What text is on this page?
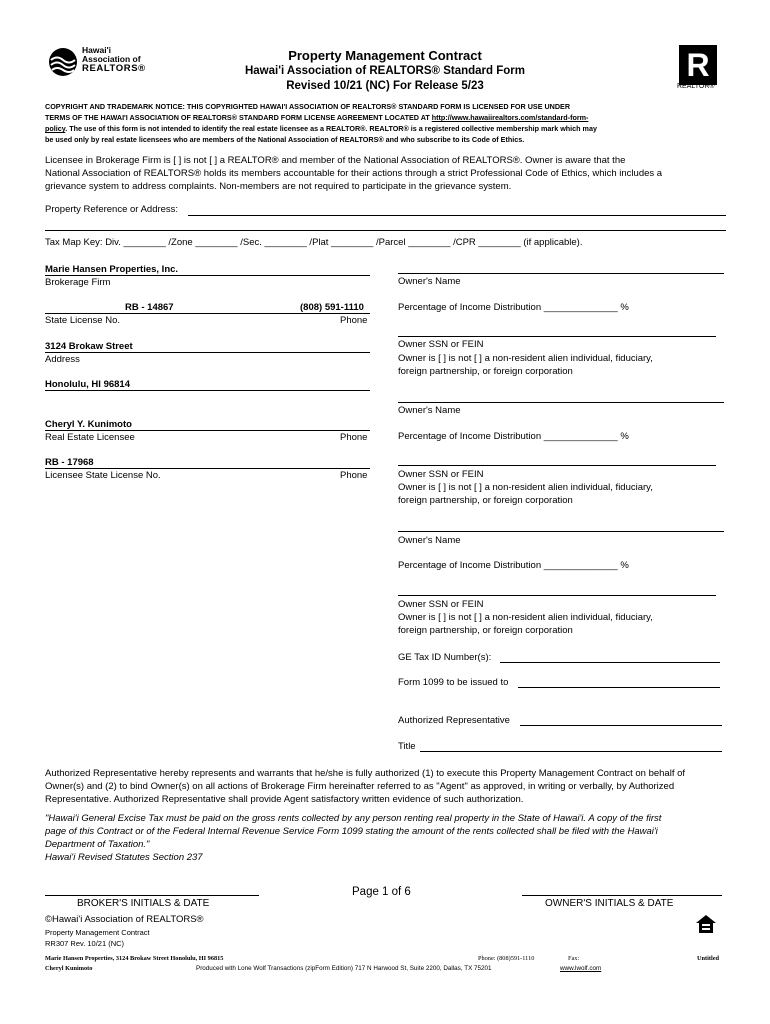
Hawai'i
Association of
REALTORS®
Property Management Contract
Hawai'i Association of REALTORS® Standard Form
Revised 10/21 (NC) For Release 5/23
R
REALTOR®
COPYRIGHT AND TRADEMARK NOTICE: THIS COPYRIGHTED HAWAI'I ASSOCIATION OF REALTORS® STANDARD FORM IS LICENSED FOR USE UNDER
TERMS OF THE HAWAI'I ASSOCIATION OF REALTORS® STANDARD FORM LICENSE AGREEMENT LOCATED AT http://www.hawaiirealtors.com/standard-form-
policy. The use of this form is not intended to identify the real estate licensee as a REALTOR®. REALTOR® is a registered collective membership mark which may
be used only by real estate licensees who are members of the National Association of REALTORS® and who subscribe to its Code of Ethics.
Licensee in Brokerage Firm is [ ] is not [ ] a REALTOR® and member of the National Association of REALTORS®. Owner is aware that the
National Association of REALTORS® holds its members accountable for their actions through a strict Professional Code of Ethics, which includes a
grievance system to address complaints. Non-members are not required to participate in the grievance system.
Property Reference or Address:
Tax Map Key: Div. ________ /Zone ________ /Sec. ________ /Plat ________ /Parcel ________ /CPR ________ (if applicable).
Marie Hansen Properties, Inc.
Brokerage Firm
RB - 14867	(808) 591-1110
State License No.	Phone
3124 Brokaw Street
Address
Honolulu, HI 96814
Cheryl Y. Kunimoto
Real Estate Licensee	Phone
RB - 17968
Licensee State License No.	Phone
Owner's Name
Percentage of Income Distribution ______________ %
Owner SSN or FEIN
Owner is [ ] is not [ ] a non-resident alien individual, fiduciary,
foreign partnership, or foreign corporation
Owner's Name
Percentage of Income Distribution ______________ %
Owner SSN or FEIN
Owner is [ ] is not [ ] a non-resident alien individual, fiduciary,
foreign partnership, or foreign corporation
Owner's Name
Percentage of Income Distribution ______________ %
Owner SSN or FEIN
Owner is [ ] is not [ ] a non-resident alien individual, fiduciary,
foreign partnership, or foreign corporation
GE Tax ID Number(s):
Form 1099 to be issued to
Authorized Representative
Title
Authorized Representative hereby represents and warrants that he/she is fully authorized (1) to execute this Property Management Contract on behalf of
Owner(s) and (2) to bind Owner(s) on all actions of Brokerage Firm hereinafter referred to as "Agent" as approved, in writing or verbally, by Authorized
Representative. Authorized Representative shall provide Agent satisfactory written evidence of such authorization.
"Hawai'i General Excise Tax must be paid on the gross rents collected by any person renting real property in the State of Hawai'i. A copy of the first
page of this Contract or of the Federal Internal Revenue Service Form 1099 stating the amount of the rents collected shall be filed with the Hawai'i
Department of Taxation."
Hawai'i Revised Statutes Section 237
BROKER'S INITIALS & DATE
Page 1 of 6
OWNER'S INITIALS & DATE
©Hawai'i Association of REALTORS®
Property Management Contract
RR307 Rev. 10/21 (NC)
Marie Hansen Properties, 3124 Brokaw Street Honolulu, HI 96815
Cheryl Kunimoto
Phone: (808)591-1110	Fax:	Untitled
Produced with Lone Wolf Transactions (zipForm Edition) 717 N Harwood St, Suite 2200, Dallas, TX 75201	www.lwolf.com
